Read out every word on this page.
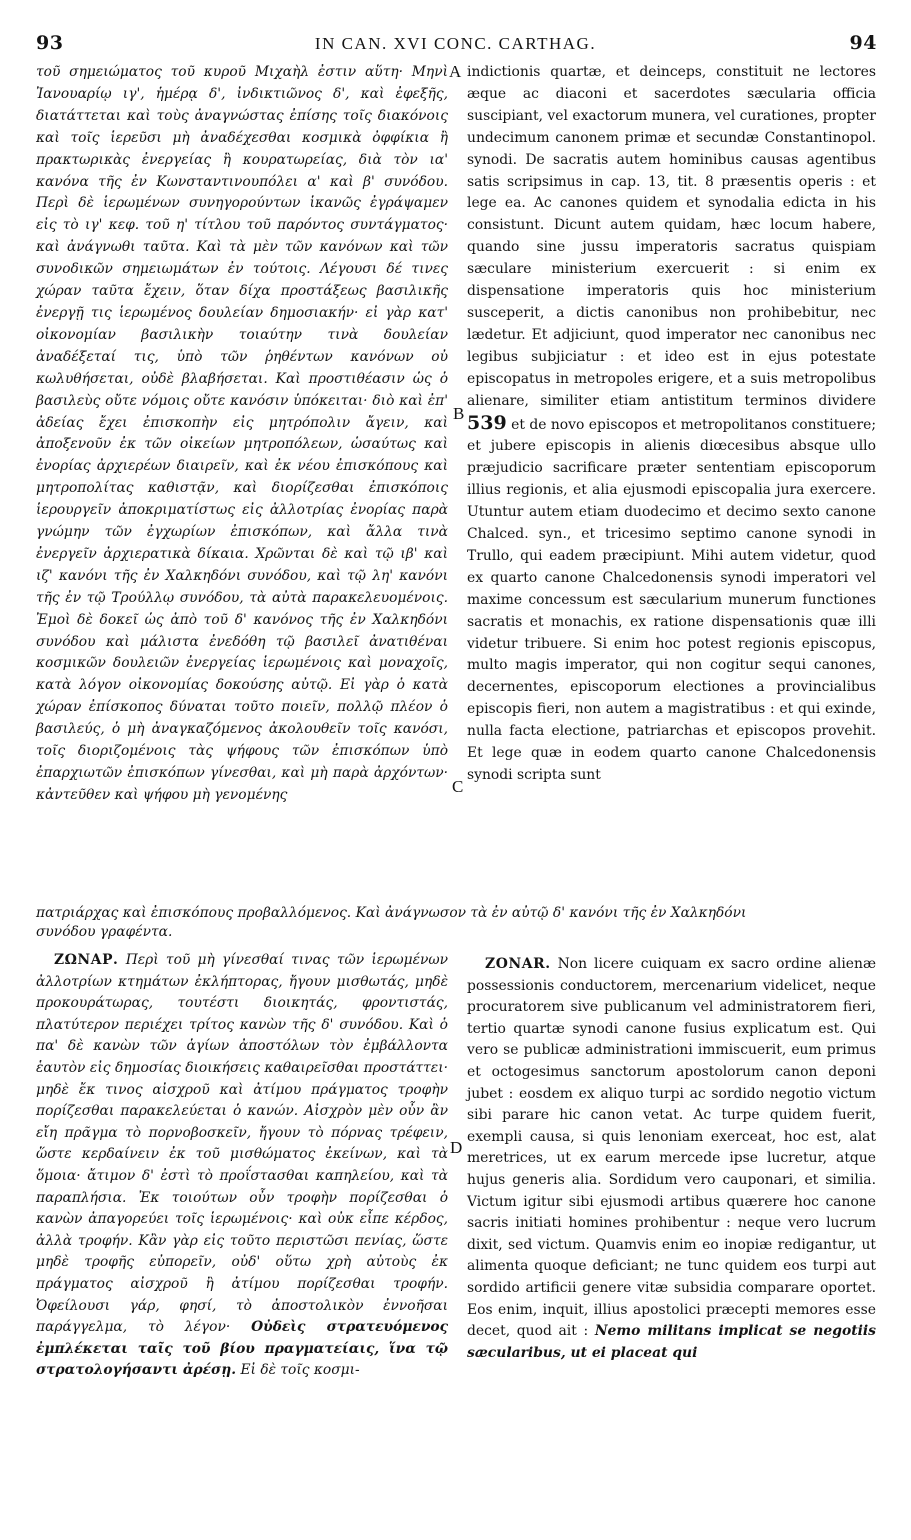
93	IN CAN. XVI CONC. CARTHAG.	94

τοῦ σημειώματος τοῦ κυροῦ Μιχαὴλ ἐστιν αὕτη· Μηνὶ Ἰανουαρίῳ ιγ', ἡμέρᾳ δ', ἰνδικτιῶνος δ', καὶ ἐφεξῆς, διατάττεται καὶ τοὺς ἀναγνώστας ἐπίσης τοῖς διακόνοις καὶ τοῖς ἱερεῦσι μὴ ἀναδέχεσθαι κοσμικὰ ὀφφίκια ἢ πρακτωρικὰς ἐνεργείας ἢ κουρατωρείας, διὰ τὸν ια' κανόνα τῆς ἐν Κωνσταντινουπόλει α' καὶ β' συνόδου. Περὶ δὲ ἱερωμένων συνηγορούντων ἱκανῶς ἐγράψαμεν εἰς τὸ ιγ' κεφ. τοῦ η' τίτλου τοῦ παρόντος συντάγματος· καὶ ἀνάγνωθι ταῦτα. Καὶ τὰ μὲν τῶν κανόνων καὶ τῶν συνοδικῶν σημειωμάτων ἐν τούτοις. Λέγουσι δέ τινες χώραν ταῦτα ἔχειν, ὅταν δίχα προστάξεως βασιλικῆς ἐνεργῇ τις ἱερωμένος δουλείαν δημοσιακήν· εἰ γὰρ κατ' οἰκονομίαν βασιλικὴν τοιαύτην τινὰ δουλείαν ἀναδέξεταί τις, ὑπὸ τῶν ῥηθέντων κανόνων οὐ κωλυθήσεται, οὐδὲ βλαβήσεται. Καὶ προστιθέασιν ὡς ὁ βασιλεὺς οὔτε νόμοις οὔτε κανόσιν ὑπόκειται· διὸ καὶ ἐπ' ἀδείας ἔχει ἐπισκοπὴν εἰς μητρόπολιν ἄγειν, καὶ ἀποξενοῦν ἐκ τῶν οἰκείων μητροπόλεων, ὡσαύτως καὶ ἐνορίας ἀρχιερέων διαιρεῖν, καὶ ἐκ νέου ἐπισκόπους καὶ μητροπολίτας καθιστᾷν, καὶ διορίζεσθαι ἐπισκόποις ἱερουργεῖν ἀποκριματίστως εἰς ἀλλοτρίας ἐνορίας παρὰ γνώμην τῶν ἐγχωρίων ἐπισκόπων, καὶ ἄλλα τινὰ ἐνεργεῖν ἀρχιερατικὰ δίκαια. Χρῶνται δὲ καὶ τῷ ιβ' καὶ ιζ' κανόνι τῆς ἐν Χαλκηδόνι συνόδου, καὶ τῷ λη' κανόνι τῆς ἐν τῷ Τρούλλῳ συνόδου, τὰ αὐτὰ παρακελευομένοις. Ἐμοὶ δὲ δοκεῖ ὡς ἀπὸ τοῦ δ' κανόνος τῆς ἐν Χαλκηδόνι συνόδου καὶ μάλιστα ἐνεδόθη τῷ βασιλεῖ ἀνατιθέναι κοσμικῶν δουλειῶν ἐνεργείας ἱερωμένοις καὶ μοναχοῖς, κατὰ λόγον οἰκονομίας δοκούσης αὐτῷ. Εἰ γὰρ ὁ κατὰ χώραν ἐπίσκοπος δύναται τοῦτο ποιεῖν, πολλῷ πλέον ὁ βασιλεύς, ὁ μὴ ἀναγκαζόμενος ἀκολουθεῖν τοῖς κανόσι, τοῖς διοριζομένοις τὰς ψήφους τῶν ἐπισκόπων ὑπὸ ἐπαρχιωτῶν ἐπισκόπων γίνεσθαι, καὶ μὴ παρὰ ἀρχόντων· κἀντεῦθεν καὶ ψήφου μὴ γενομένης

indictionis quartæ, et deinceps, constituit ne lectores æque ac diaconi et sacerdotes sæcularia officia suscipiant, vel exactorum munera, vel curationes, propter undecimum canonem primæ et secundæ Constantinopol. synodi. De sacratis autem hominibus causas agentibus satis scripsimus in cap. 13, tit. 8 præsentis operis : et lege ea. Ac canones quidem et synodalia edicta in his consistunt. Dicunt autem quidam, hæc locum habere, quando sine jussu imperatoris sacratus quispiam sæculare ministerium exercuerit : si enim ex dispensatione imperatoris quis hoc ministerium susceperit, a dictis canonibus non prohibebitur, nec lædetur. Et adjiciunt, quod imperator nec canonibus nec legibus subjiciatur : et ideo est in ejus potestate episcopatus in metropoles erigere, et a suis metropolibus alienare, similiter etiam antistitum terminos dividere 539 et de novo episcopos et metropolitanos constituere; et jubere episcopis in alienis diœcesibus absque ullo præjudicio sacrificare præter sententiam episcoporum illius regionis, et alia ejusmodi episcopalia jura exercere. Utuntur autem etiam duodecimo et decimo sexto canone Chalced. syn., et tricesimo septimo canone synodi in Trullo, qui eadem præcipiunt. Mihi autem videtur, quod ex quarto canone Chalcedonensis synodi imperatori vel maxime concessum est sæcularium munerum functiones sacratis et monachis, ex ratione dispensationis quæ illi videtur tribuere. Si enim hoc potest regionis episcopus, multo magis imperator, qui non cogitur sequi canones, decernentes, episcoporum electiones a provincialibus episcopis fieri, non autem a magistratibus : et qui exinde, nulla facta electione, patriarchas et episcopos provehit. Et lege quæ in eodem quarto canone Chalcedonensis synodi scripta sunt

A
B
C
D
πατριάρχας καὶ ἐπισκόπους προβαλλόμενος. Καὶ ἀνάγνωσον τὰ ἐν αὐτῷ δ' κανόνι τῆς ἐν Χαλκηδόνι
συνόδου γραφέντα.

ΖΩΝΑΡ. Περὶ τοῦ μὴ γίνεσθαί τινας τῶν ἱερωμένων ἀλλοτρίων κτημάτων ἐκλήπτορας, ἤγουν μισθωτάς, μηδὲ προκουράτωρας, τουτέστι διοικητάς, φροντιστάς, πλατύτερον περιέχει τρίτος κανὼν τῆς δ' συνόδου. Καὶ ὁ πα' δὲ κανὼν τῶν ἁγίων ἀποστόλων τὸν ἐμβάλλοντα ἑαυτὸν εἰς δημοσίας διοικήσεις καθαιρεῖσθαι προστάττει· μηδὲ ἔκ τινος αἰσχροῦ καὶ ἀτίμου πράγματος τροφὴν πορίζεσθαι παρακελεύεται ὁ κανών. Αἰσχρὸν μὲν οὖν ἂν εἴη πρᾶγμα τὸ πορνοβοσκεῖν, ἤγουν τὸ πόρνας τρέφειν, ὥστε κερδαίνειν ἐκ τοῦ μισθώματος ἐκείνων, καὶ τὰ ὅμοια· ἄτιμον δ' ἐστὶ τὸ προΐστασθαι καπηλείου, καὶ τὰ παραπλήσια. Ἐκ τοιούτων οὖν τροφὴν πορίζεσθαι ὁ κανὼν ἀπαγορεύει τοῖς ἱερωμένοις· καὶ οὐκ εἶπε κέρδος, ἀλλὰ τροφήν. Κἂν γὰρ εἰς τοῦτο περιστῶσι πενίας, ὥστε μηδὲ τροφῆς εὐπορεῖν, οὐδ' οὕτω χρὴ αὐτοὺς ἐκ πράγματος αἰσχροῦ ἢ ἀτίμου πορίζεσθαι τροφήν. Ὀφείλουσι γάρ, φησί, τὸ ἀποστολικὸν ἐννοῆσαι παράγγελμα, τὸ λέγον· Οὐδεὶς στρατευόμενος ἐμπλέκεται ταῖς τοῦ βίου πραγματείαις, ἵνα τῷ στρατολογήσαντι ἀρέσῃ. Εἰ δὲ τοῖς κοσμι-

ZONAR. Non licere cuiquam ex sacro ordine alienæ possessionis conductorem, mercenarium videlicet, neque procuratorem sive publicanum vel administratorem fieri, tertio quartæ synodi canone fusius explicatum est. Qui vero se publicæ administrationi immiscuerit, eum primus et octogesimus sanctorum apostolorum canon deponi jubet : eosdem ex aliquo turpi ac sordido negotio victum sibi parare hic canon vetat. Ac turpe quidem fuerit, exempli causa, si quis lenoniam exerceat, hoc est, alat meretrices, ut ex earum mercede ipse lucretur, atque hujus generis alia. Sordidum vero cauponari, et similia. Victum igitur sibi ejusmodi artibus quærere hoc canone sacris initiati homines prohibentur : neque vero lucrum dixit, sed victum. Quamvis enim eo inopiæ redigantur, ut alimenta quoque deficiant; ne tunc quidem eos turpi aut sordido artificii genere vitæ subsidia comparare oportet. Eos enim, inquit, illius apostolici præcepti memores esse decet, quod ait : Nemo militans implicat se negotiis sæcularibus, ut ei placeat qui
